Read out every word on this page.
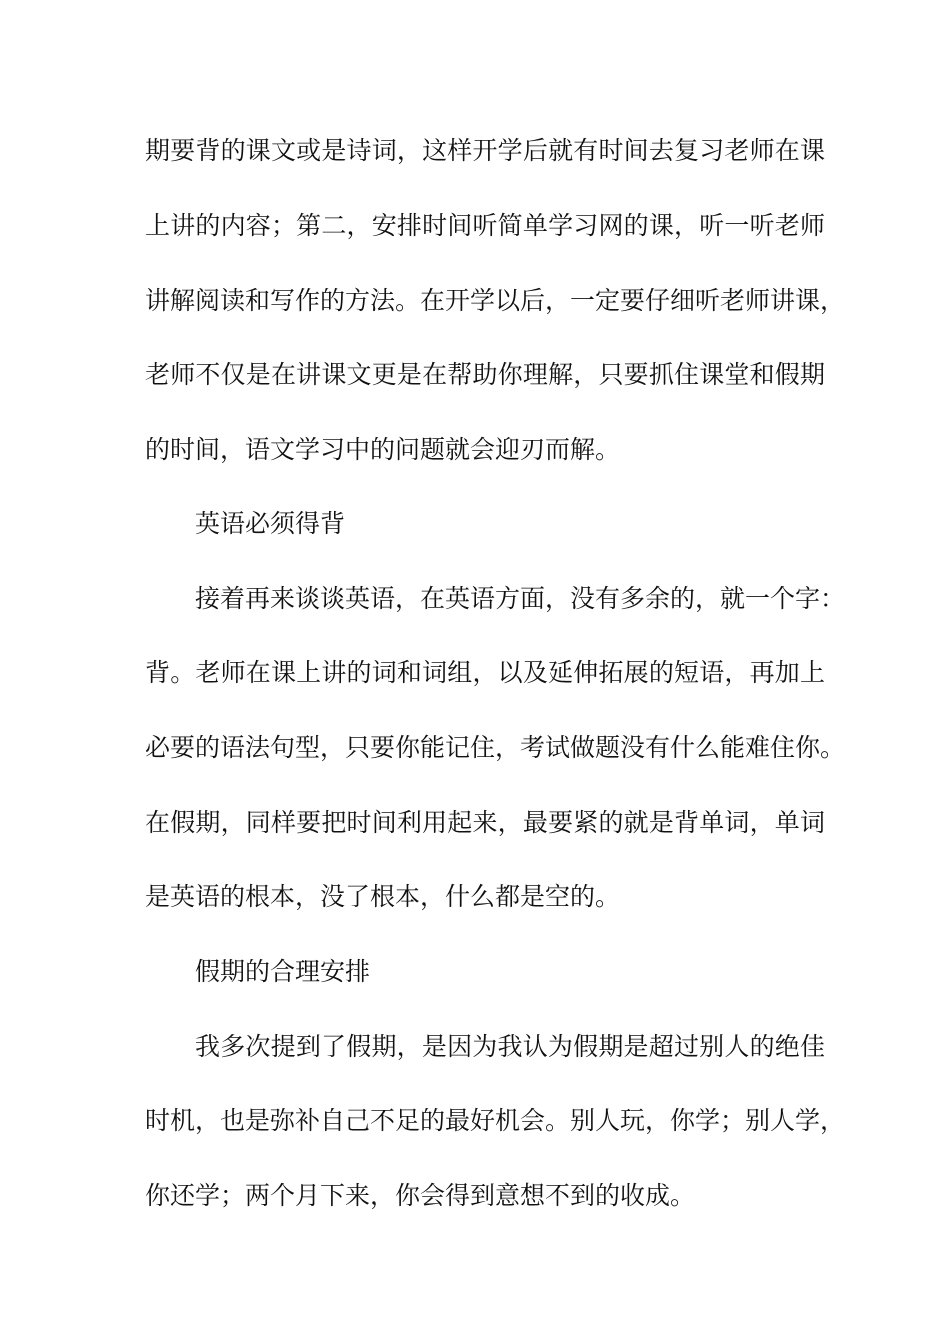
期要背的课文或是诗词，这样开学后就有时间去复习老师在课
上讲的内容；第二，安排时间听简单学习网的课，听一听老师
讲解阅读和写作的方法。在开学以后，一定要仔细听老师讲课，
老师不仅是在讲课文更是在帮助你理解，只要抓住课堂和假期
的时间，语文学习中的问题就会迎刃而解。
英语必须得背
接着再来谈谈英语，在英语方面，没有多余的，就一个字：
背。老师在课上讲的词和词组，以及延伸拓展的短语，再加上
必要的语法句型，只要你能记住，考试做题没有什么能难住你。
在假期，同样要把时间利用起来，最要紧的就是背单词，单词
是英语的根本，没了根本，什么都是空的。
假期的合理安排
我多次提到了假期，是因为我认为假期是超过别人的绝佳
时机，也是弥补自己不足的最好机会。别人玩，你学；别人学，
你还学；两个月下来，你会得到意想不到的收成。
